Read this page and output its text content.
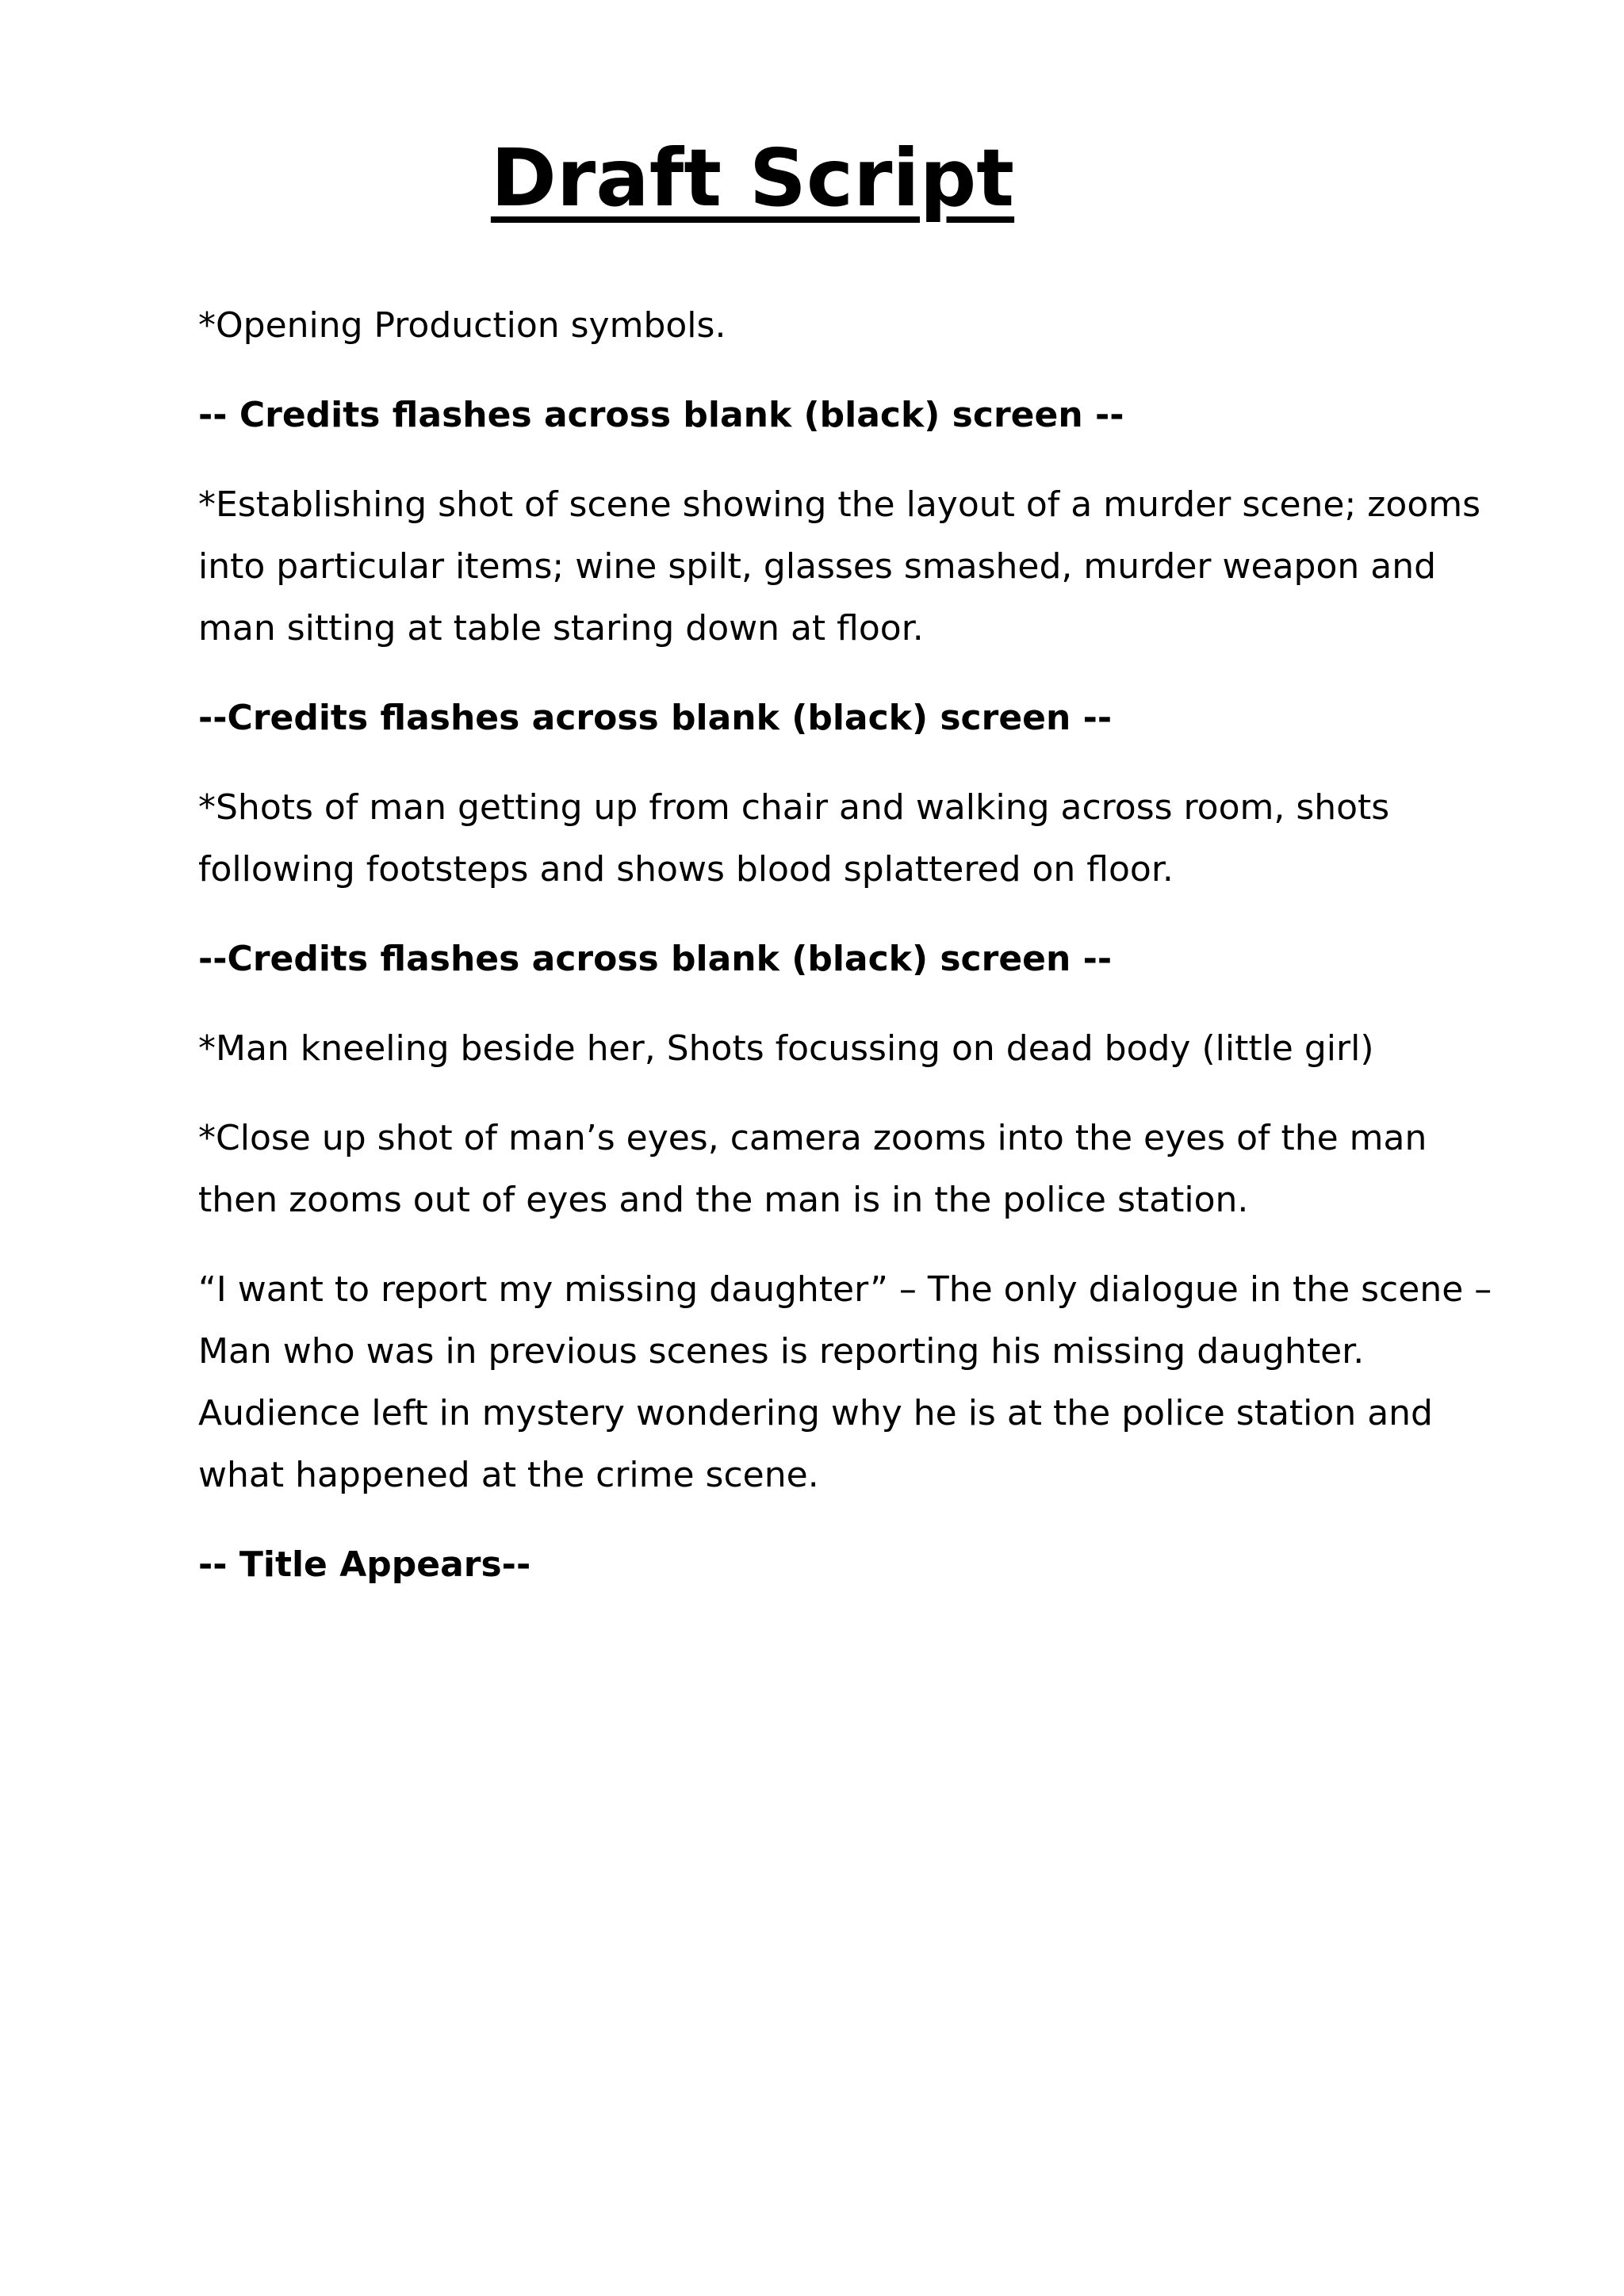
Draft Script

*Opening Production symbols.

-- Credits flashes across blank (black) screen --

*Establishing shot of scene showing the layout of a murder scene; zooms into particular items; wine spilt, glasses smashed, murder weapon and man sitting at table staring down at floor.

--Credits flashes across blank (black) screen --

*Shots of man getting up from chair and walking across room, shots following footsteps and shows blood splattered on floor.

--Credits flashes across blank (black) screen --

*Man kneeling beside her, Shots focussing on dead body (little girl)

*Close up shot of man’s eyes, camera zooms into the eyes of the man then zooms out of eyes and the man is in the police station.

“I want to report my missing daughter” – The only dialogue in the scene – Man who was in previous scenes is reporting his missing daughter. Audience left in mystery wondering why he is at the police station and what happened at the crime scene.

-- Title Appears--
